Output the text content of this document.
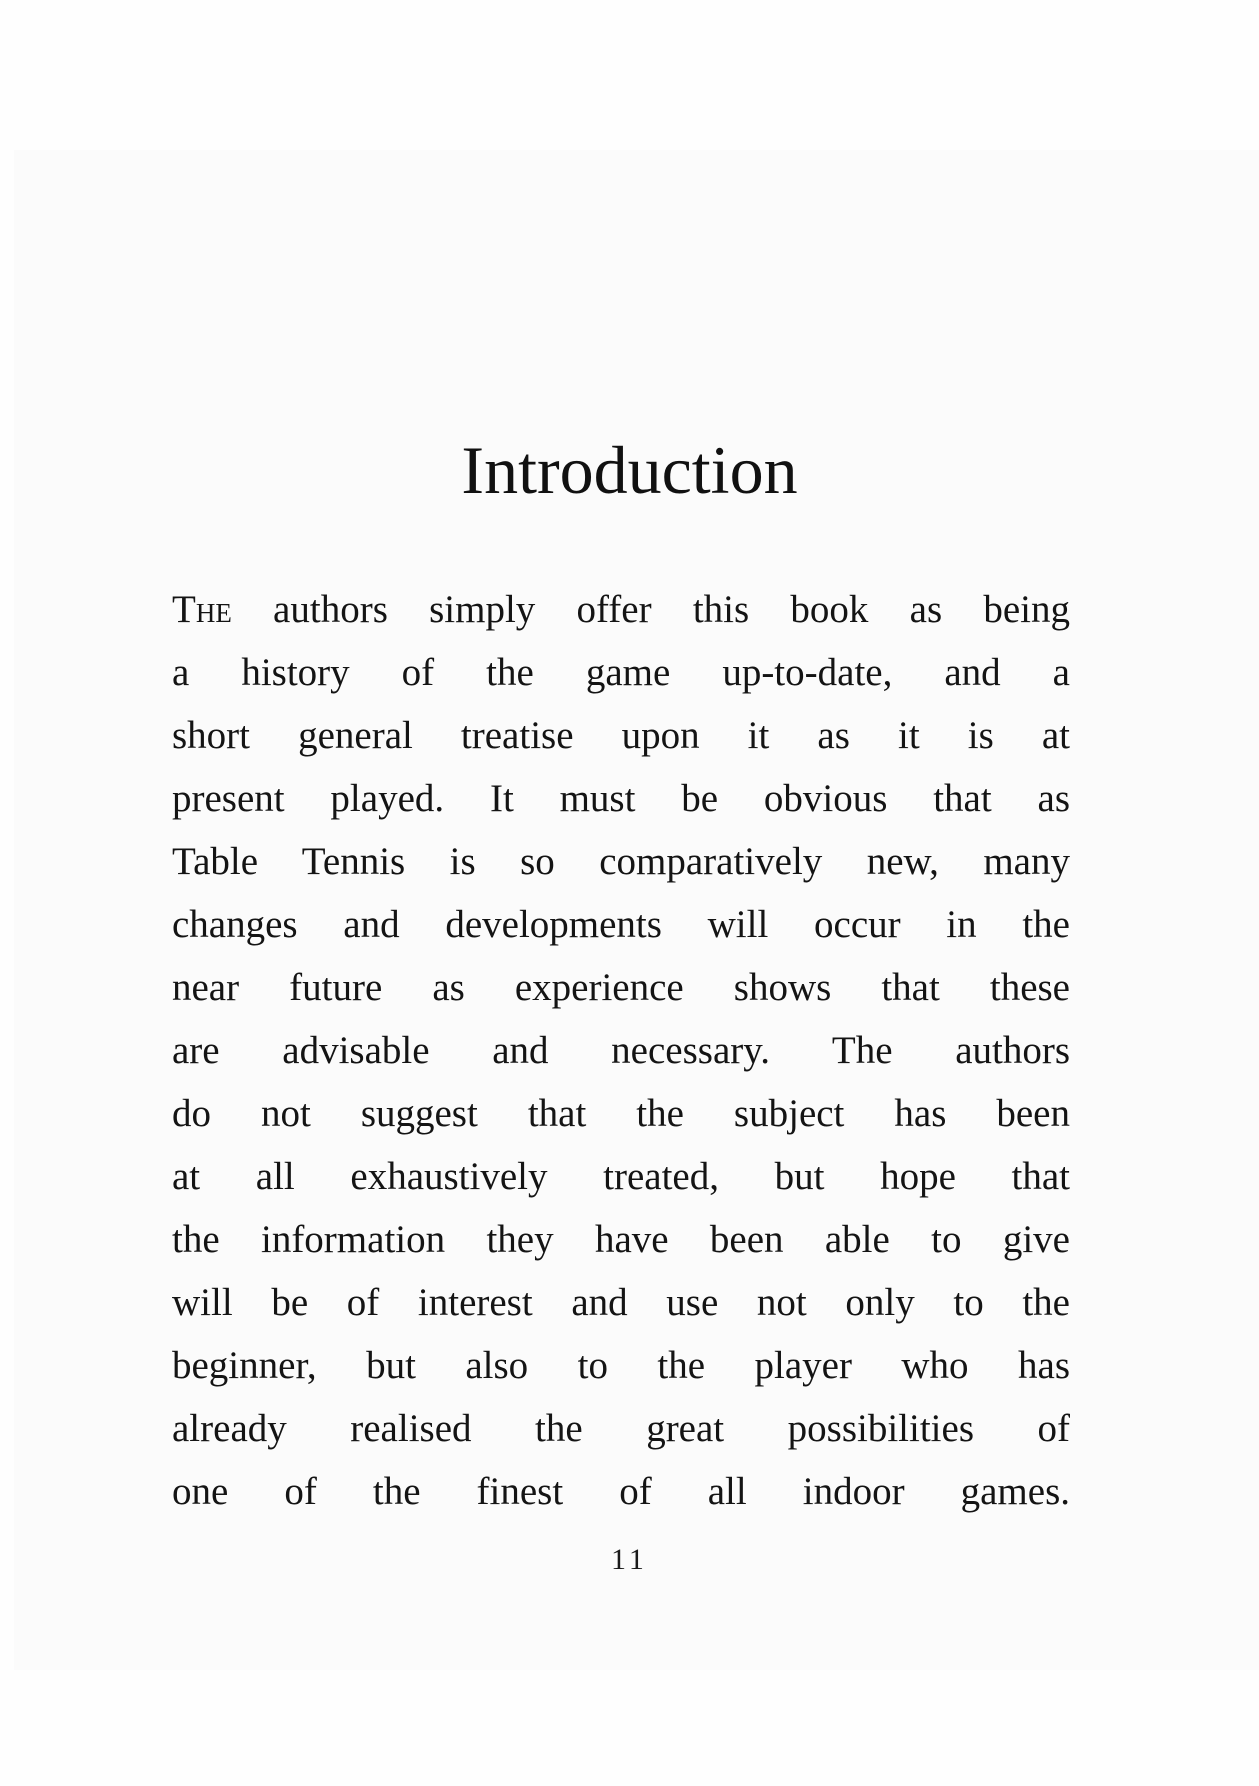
Introduction
The authors simply offer this book as being
a history of the game up-to-date, and a
short general treatise upon it as it is at
present played. It must be obvious that as
Table Tennis is so comparatively new, many
changes and developments will occur in the
near future as experience shows that these
are advisable and necessary. The authors
do not suggest that the subject has been
at all exhaustively treated, but hope that
the information they have been able to give
will be of interest and use not only to the
beginner, but also to the player who has
already realised the great possibilities of
one of the finest of all indoor games.
11
